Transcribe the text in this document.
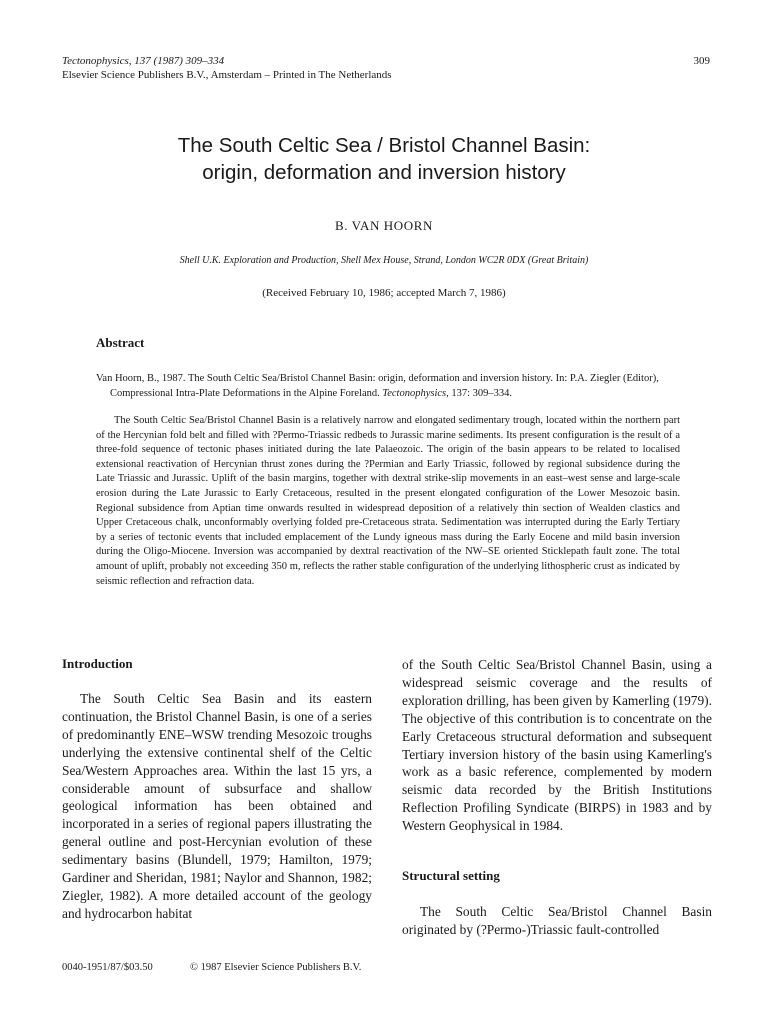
Tectonophysics, 137 (1987) 309–334
Elsevier Science Publishers B.V., Amsterdam – Printed in The Netherlands
309
The South Celtic Sea / Bristol Channel Basin:
origin, deformation and inversion history
B. VAN HOORN
Shell U.K. Exploration and Production, Shell Mex House, Strand, London WC2R 0DX (Great Britain)
(Received February 10, 1986; accepted March 7, 1986)
Abstract
Van Hoorn, B., 1987. The South Celtic Sea/Bristol Channel Basin: origin, deformation and inversion history. In: P.A. Ziegler (Editor), Compressional Intra-Plate Deformations in the Alpine Foreland. Tectonophysics, 137: 309–334.

The South Celtic Sea/Bristol Channel Basin is a relatively narrow and elongated sedimentary trough, located within the northern part of the Hercynian fold belt and filled with ?Permo-Triassic redbeds to Jurassic marine sediments. Its present configuration is the result of a three-fold sequence of tectonic phases initiated during the late Palaeozoic. The origin of the basin appears to be related to localised extensional reactivation of Hercynian thrust zones during the ?Permian and Early Triassic, followed by regional subsidence during the Late Triassic and Jurassic. Uplift of the basin margins, together with dextral strike-slip movements in an east–west sense and large-scale erosion during the Late Jurassic to Early Cretaceous, resulted in the present elongated configuration of the Lower Mesozoic basin. Regional subsidence from Aptian time onwards resulted in widespread deposition of a relatively thin section of Wealden clastics and Upper Cretaceous chalk, unconformably overlying folded pre-Cretaceous strata. Sedimentation was interrupted during the Early Tertiary by a series of tectonic events that included emplacement of the Lundy igneous mass during the Early Eocene and mild basin inversion during the Oligo-Miocene. Inversion was accompanied by dextral reactivation of the NW–SE oriented Sticklepath fault zone. The total amount of uplift, probably not exceeding 350 m, reflects the rather stable configuration of the underlying lithospheric crust as indicated by seismic reflection and refraction data.

Introduction

The South Celtic Sea Basin and its eastern continuation, the Bristol Channel Basin, is one of a series of predominantly ENE–WSW trending Mesozoic troughs underlying the extensive continental shelf of the Celtic Sea/Western Approaches area. Within the last 15 yrs, a considerable amount of subsurface and shallow geological information has been obtained and incorporated in a series of regional papers illustrating the general outline and post-Hercynian evolution of these sedimentary basins (Blundell, 1979; Hamilton, 1979; Gardiner and Sheridan, 1981; Naylor and Shannon, 1982; Ziegler, 1982). A more detailed account of the geology and hydrocarbon habitat

of the South Celtic Sea/Bristol Channel Basin, using a widespread seismic coverage and the results of exploration drilling, has been given by Kamerling (1979). The objective of this contribution is to concentrate on the Early Cretaceous structural deformation and subsequent Tertiary inversion history of the basin using Kamerling's work as a basic reference, complemented by modern seismic data recorded by the British Institutions Reflection Profiling Syndicate (BIRPS) in 1983 and by Western Geophysical in 1984.

Structural setting

The South Celtic Sea/Bristol Channel Basin originated by (?Permo-)Triassic fault-controlled

0040-1951/87/$03.50	© 1987 Elsevier Science Publishers B.V.
